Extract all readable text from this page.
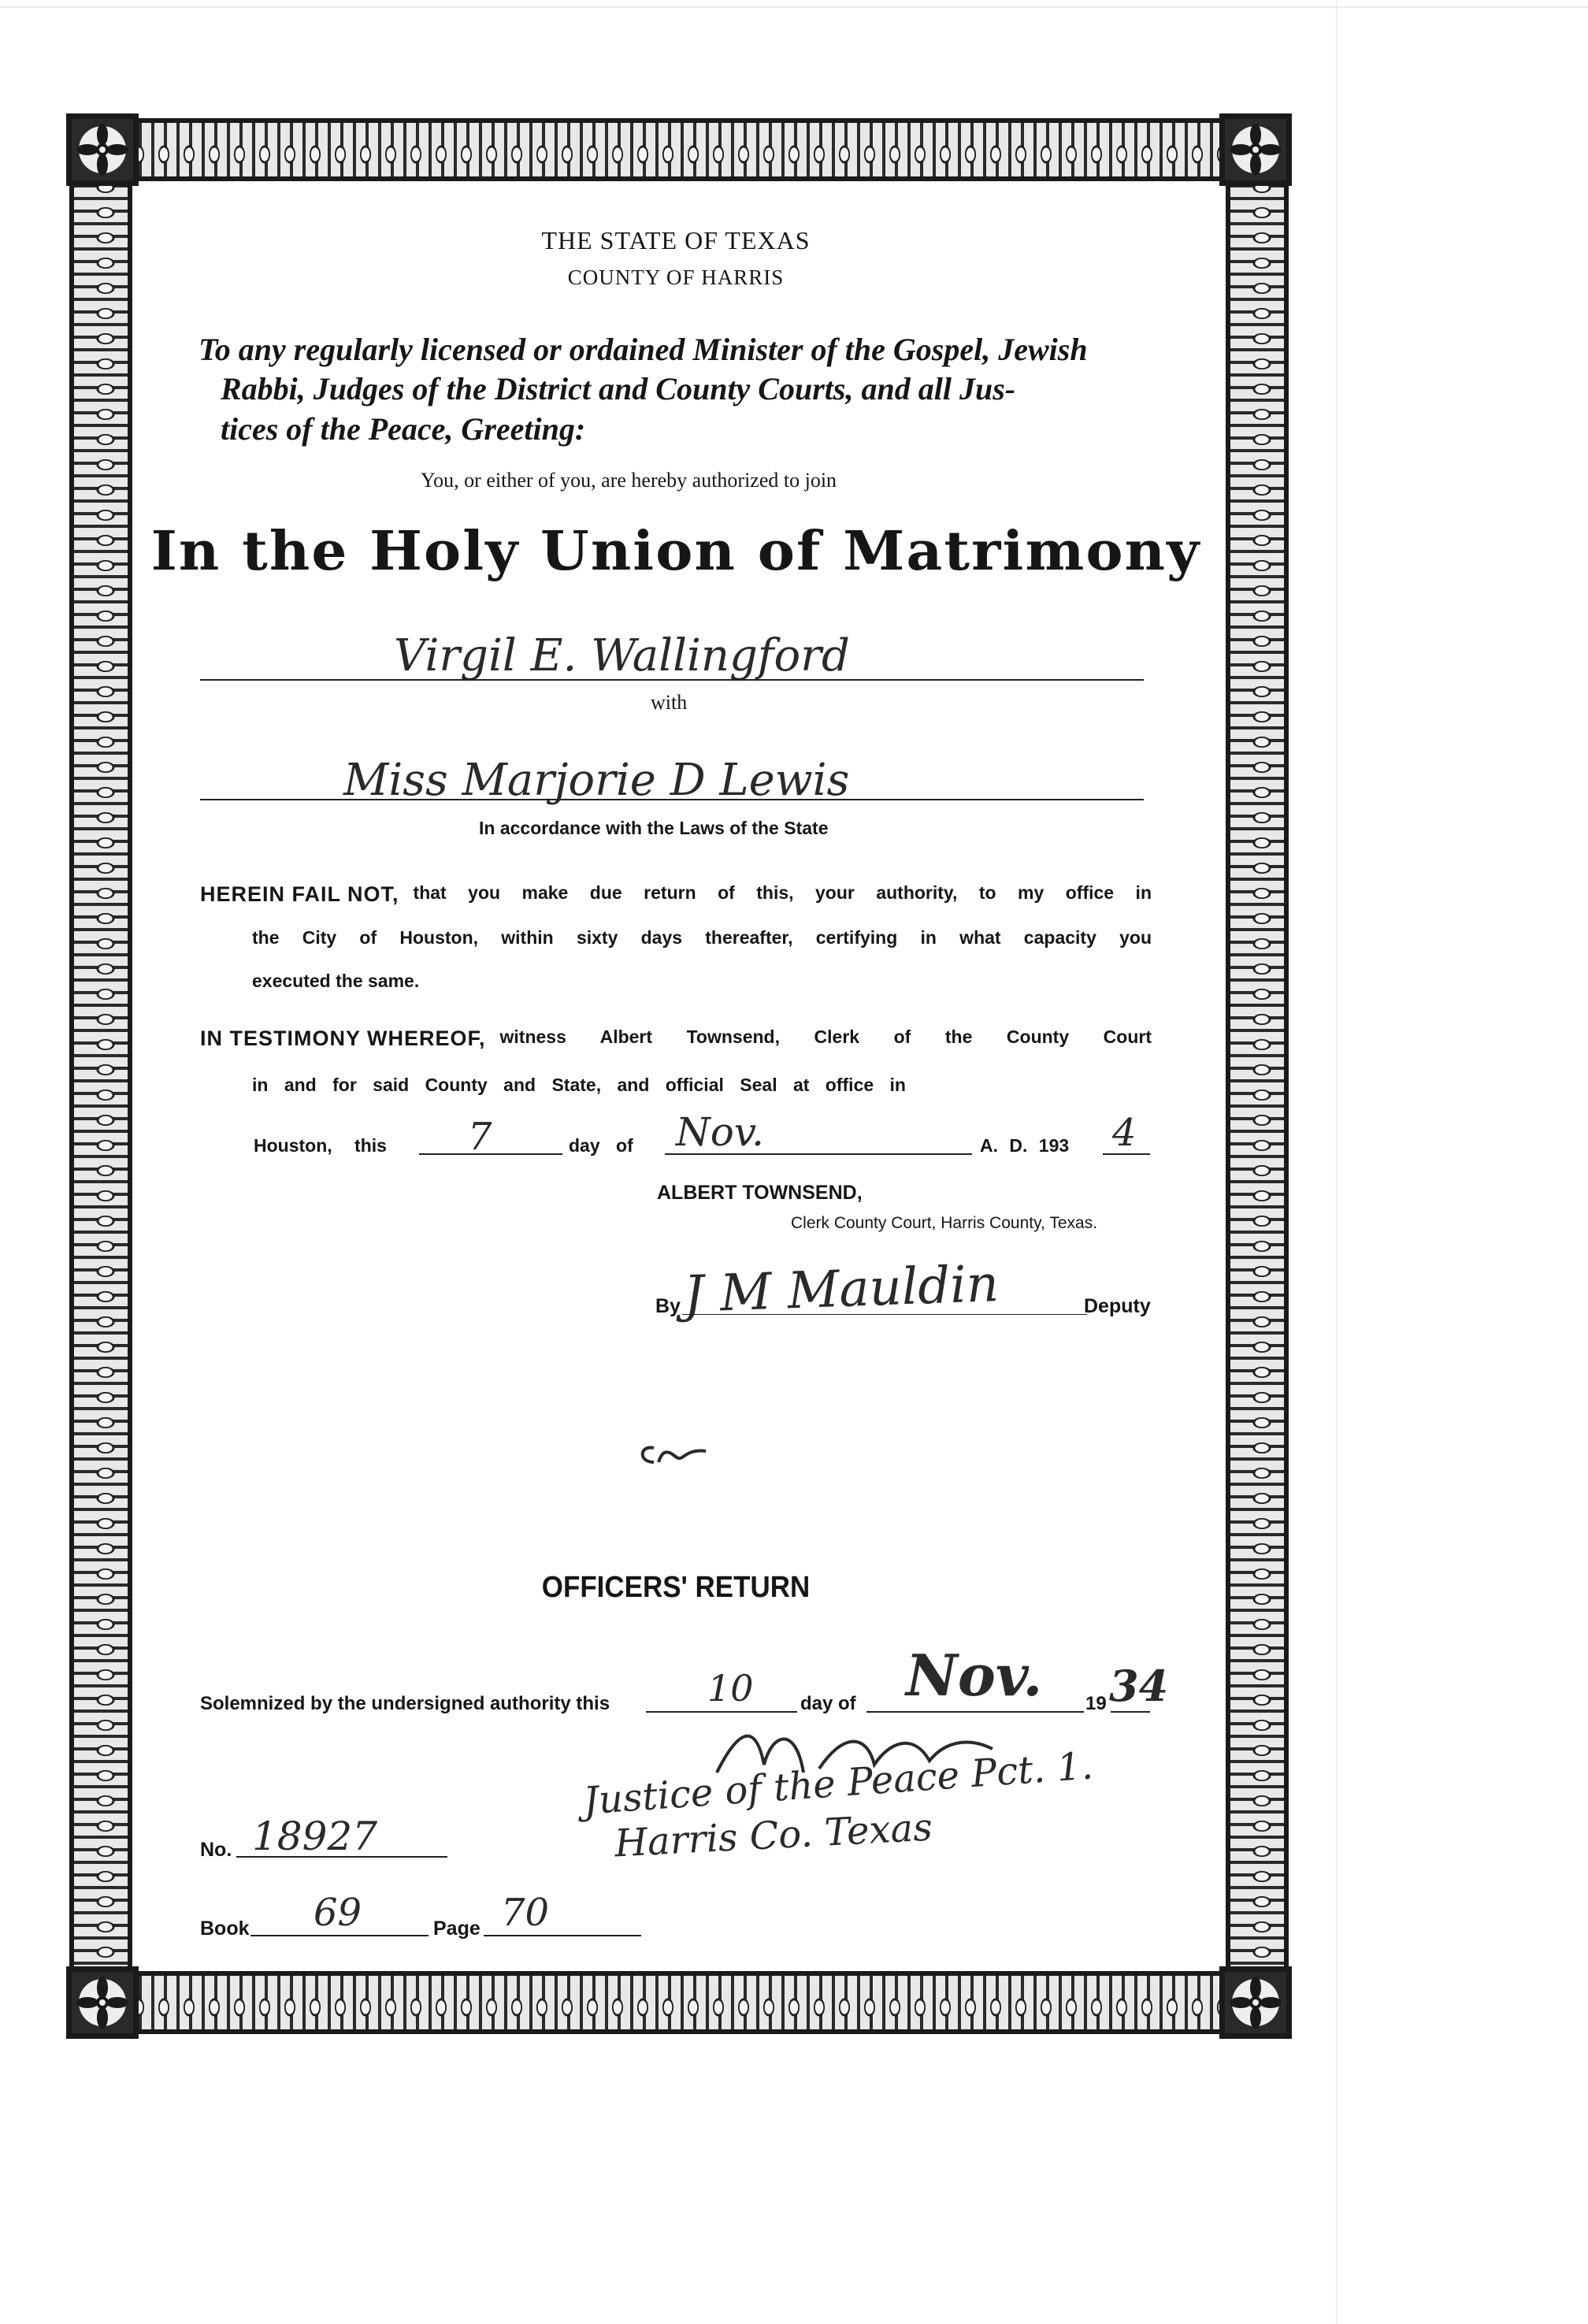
THE STATE OF TEXAS
COUNTY OF HARRIS
To any regularly licensed or ordained Minister of the Gospel, Jewish
Rabbi, Judges of the District and County Courts, and all Jus-
tices of the Peace, Greeting:
You, or either of you, are hereby authorized to join
In the Holy Union of Matrimony
Virgil E. Wallingford
with
Miss Marjorie D Lewis
In accordance with the Laws of the State
HEREIN FAIL NOT, that you make due return of this, your authority, to my office in
the City of Houston, within sixty days thereafter, certifying in what capacity you
executed the same.
IN TESTIMONY WHEREOF, witness Albert Townsend, Clerk of the County Court
in and for said County and State, and official Seal at office in
Houston, this 7	day of Nov.	A. D. 193 4
ALBERT TOWNSEND,
Clerk County Court, Harris County, Texas.
By J M Mauldin	Deputy
OFFICERS' RETURN
Solemnized by the undersigned authority this	10 day of Nov. 19 34
Justice of the Peace Pct. 1.
Harris Co. Texas
No. 18927
Book 69	Page 70
